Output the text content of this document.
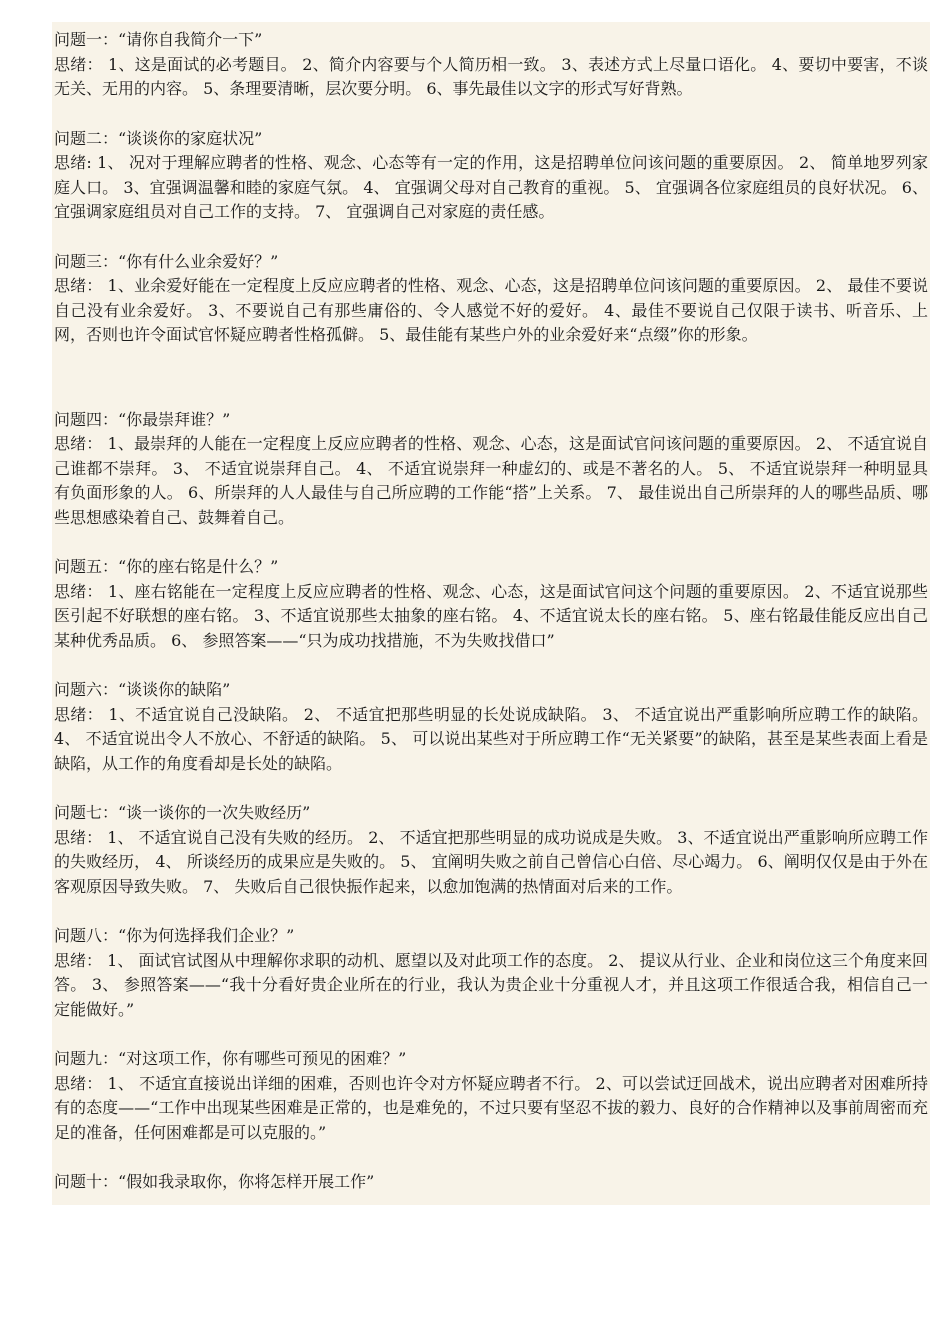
问题一：“请你自我简介一下”

思绪： 1、这是面试的必考题目。 2、简介内容要与个人简历相一致。 3、表述方式上尽量口语化。 4、要切中要害，不谈无关、无用的内容。 5、条理要清晰，层次要分明。 6、事先最佳以文字的形式写好背熟。

问题二：“谈谈你的家庭状况”

思绪: 1、 况对于理解应聘者的性格、观念、心态等有一定的作用，这是招聘单位问该问题的重要原因。 2、 简单地罗列家庭人口。 3、宜强调温馨和睦的家庭气氛。 4、 宜强调父母对自己教育的重视。 5、 宜强调各位家庭组员的良好状况。 6、 宜强调家庭组员对自己工作的支持。 7、 宜强调自己对家庭的责任感。

问题三：“你有什么业余爱好？”

思绪： 1、业余爱好能在一定程度上反应应聘者的性格、观念、心态，这是招聘单位问该问题的重要原因。 2、 最佳不要说自己没有业余爱好。 3、不要说自己有那些庸俗的、令人感觉不好的爱好。 4、最佳不要说自己仅限于读书、听音乐、上网，否则也许令面试官怀疑应聘者性格孤僻。 5、最佳能有某些户外的业余爱好来“点缀”你的形象。

问题四：“你最崇拜谁？”

思绪： 1、最崇拜的人能在一定程度上反应应聘者的性格、观念、心态，这是面试官问该问题的重要原因。 2、 不适宜说自己谁都不崇拜。 3、 不适宜说崇拜自己。 4、 不适宜说崇拜一种虚幻的、或是不著名的人。 5、 不适宜说崇拜一种明显具有负面形象的人。 6、所崇拜的人人最佳与自己所应聘的工作能“搭”上关系。 7、 最佳说出自己所崇拜的人的哪些品质、哪些思想感染着自己、鼓舞着自己。

问题五：“你的座右铭是什么？”

思绪： 1、座右铭能在一定程度上反应应聘者的性格、观念、心态，这是面试官问这个问题的重要原因。 2、不适宜说那些医引起不好联想的座右铭。 3、不适宜说那些太抽象的座右铭。 4、不适宜说太长的座右铭。 5、座右铭最佳能反应出自己某种优秀品质。 6、 参照答案——“只为成功找措施，不为失败找借口”

问题六：“谈谈你的缺陷”

思绪： 1、不适宜说自己没缺陷。 2、 不适宜把那些明显的长处说成缺陷。 3、 不适宜说出严重影响所应聘工作的缺陷。 4、 不适宜说出令人不放心、不舒适的缺陷。 5、 可以说出某些对于所应聘工作“无关紧要”的缺陷，甚至是某些表面上看是缺陷，从工作的角度看却是长处的缺陷。

问题七：“谈一谈你的一次失败经历”

思绪： 1、 不适宜说自己没有失败的经历。 2、 不适宜把那些明显的成功说成是失败。 3、不适宜说出严重影响所应聘工作的失败经历， 4、 所谈经历的成果应是失败的。 5、 宜阐明失败之前自己曾信心白倍、尽心竭力。 6、阐明仅仅是由于外在客观原因导致失败。 7、 失败后自己很快振作起来，以愈加饱满的热情面对后来的工作。

问题八：“你为何选择我们企业？”

思绪： 1、 面试官试图从中理解你求职的动机、愿望以及对此项工作的态度。 2、 提议从行业、企业和岗位这三个角度来回答。 3、 参照答案——“我十分看好贵企业所在的行业，我认为贵企业十分重视人才，并且这项工作很适合我，相信自己一定能做好。”

问题九：“对这项工作，你有哪些可预见的困难？”

思绪： 1、 不适宜直接说出详细的困难，否则也许令对方怀疑应聘者不行。 2、可以尝试迂回战术，说出应聘者对困难所持有的态度——“工作中出现某些困难是正常的，也是难免的，不过只要有坚忍不拔的毅力、良好的合作精神以及事前周密而充足的准备，任何困难都是可以克服的。”

问题十：“假如我录取你，你将怎样开展工作”
